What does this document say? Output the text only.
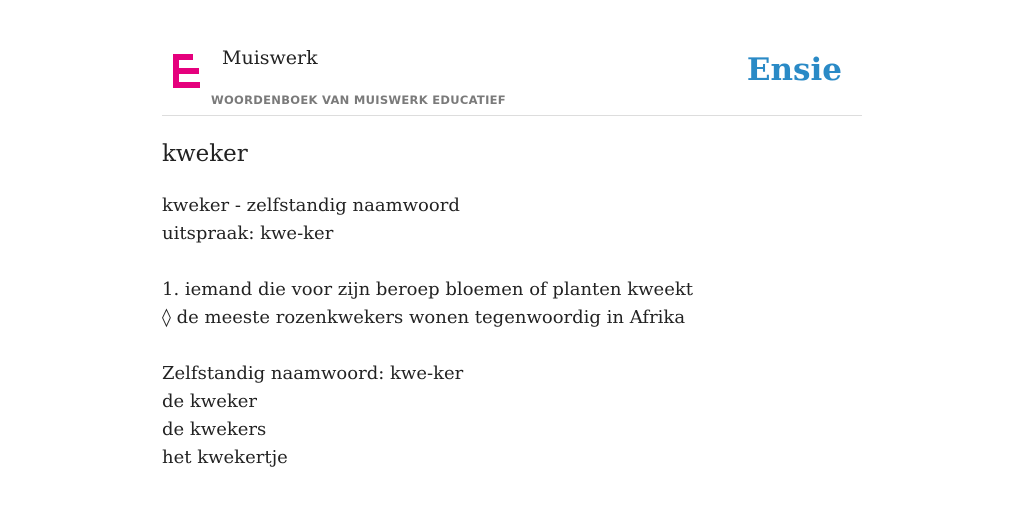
Muiswerk
WOORDENBOEK VAN MUISWERK EDUCATIEF
Ensie
kweker
kweker - zelfstandig naamwoord
uitspraak: kwe-ker
1. iemand die voor zijn beroep bloemen of planten kweekt
◊ de meeste rozenkwekers wonen tegenwoordig in Afrika
Zelfstandig naamwoord: kwe-ker
de kweker
de kwekers
het kwekertje
